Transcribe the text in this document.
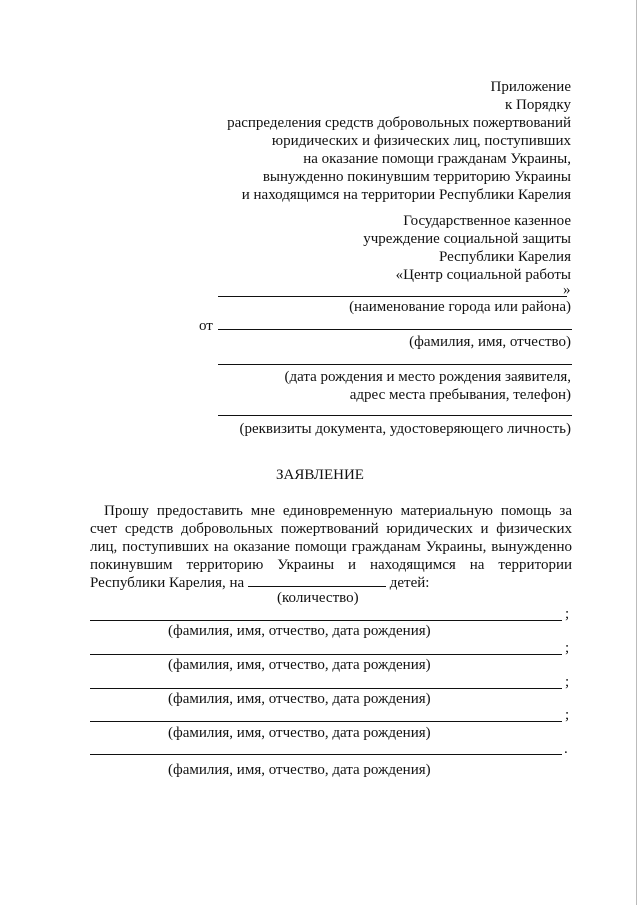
Приложение
к Порядку
распределения средств добровольных пожертвований
юридических и физических лиц, поступивших
на оказание помощи гражданам Украины,
вынужденно покинувшим территорию Украины
и находящимся на территории Республики Карелия
Государственное казенное
учреждение социальной защиты
Республики Карелия
«Центр социальной работы
»
(наименование города или района)
от
(фамилия, имя, отчество)
(дата рождения и место рождения заявителя,
адрес места пребывания, телефон)
(реквизиты документа, удостоверяющего личность)
ЗАЯВЛЕНИЕ
Прошу предоставить мне единовременную материальную помощь за
счет средств добровольных пожертвований юридических и физических
лиц, поступивших на оказание помощи гражданам Украины, вынужденно
покинувшим территорию Украины и находящимся на территории
Республики Карелия, на	детей:
(количество)
;
(фамилия, имя, отчество, дата рождения)
;
(фамилия, имя, отчество, дата рождения)
;
(фамилия, имя, отчество, дата рождения)
;
(фамилия, имя, отчество, дата рождения)
.
(фамилия, имя, отчество, дата рождения)
